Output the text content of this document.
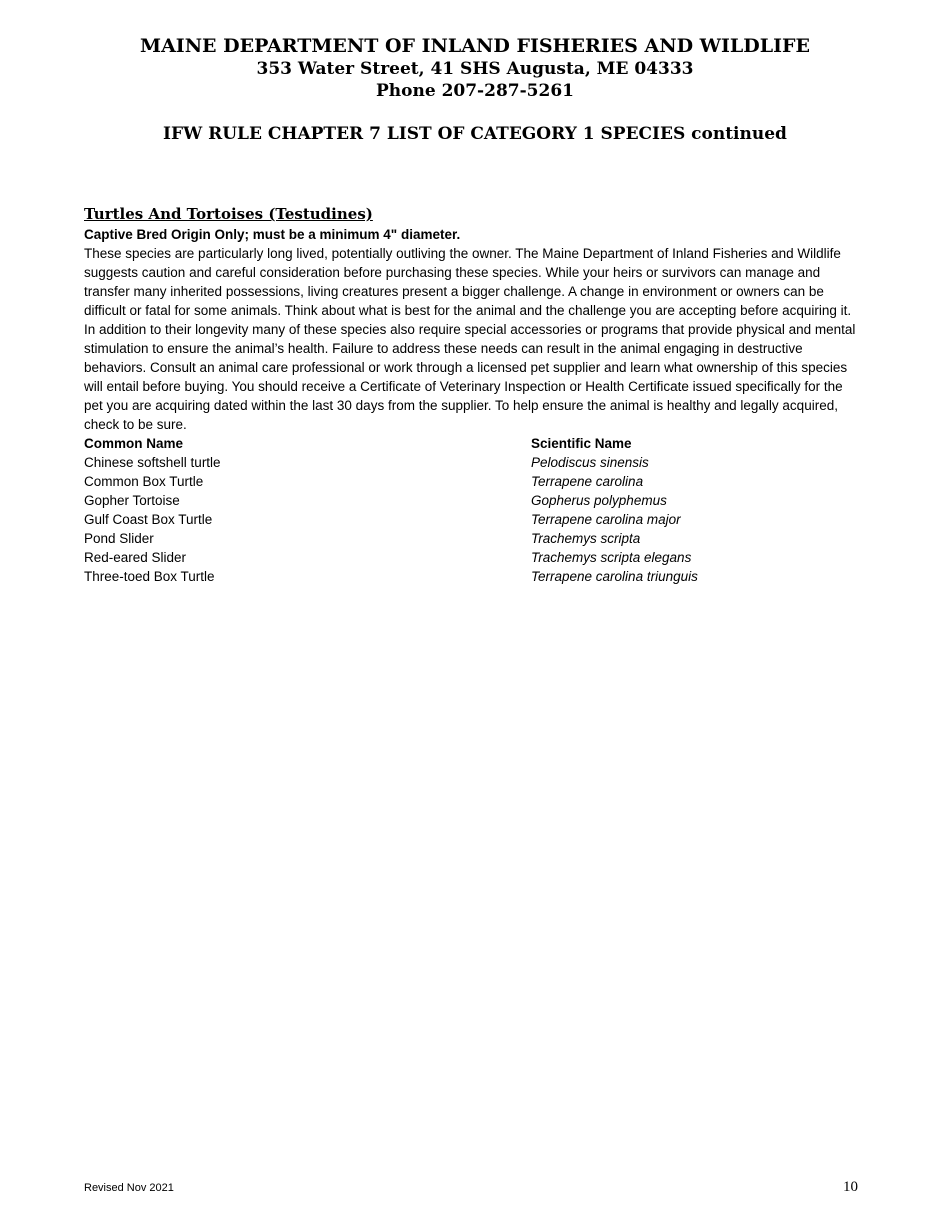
MAINE DEPARTMENT OF INLAND FISHERIES AND WILDLIFE
353 Water Street, 41 SHS Augusta, ME 04333
Phone 207-287-5261
IFW RULE CHAPTER 7 LIST OF CATEGORY 1 SPECIES continued

Turtles And Tortoises (Testudines)

Captive Bred Origin Only; must be a minimum 4" diameter.

These species are particularly long lived, potentially outliving the owner. The Maine Department of Inland Fisheries and Wildlife suggests caution and careful consideration before purchasing these species. While your heirs or survivors can manage and transfer many inherited possessions, living creatures present a bigger challenge. A change in environment or owners can be difficult or fatal for some animals. Think about what is best for the animal and the challenge you are accepting before acquiring it. In addition to their longevity many of these species also require special accessories or programs that provide physical and mental stimulation to ensure the animal’s health. Failure to address these needs can result in the animal engaging in destructive behaviors. Consult an animal care professional or work through a licensed pet supplier and learn what ownership of this species will entail before buying. You should receive a Certificate of Veterinary Inspection or Health Certificate issued specifically for the pet you are acquiring dated within the last 30 days from the supplier. To help ensure the animal is healthy and legally acquired, check to be sure.

Common Name	Scientific Name
Chinese softshell turtle	Pelodiscus sinensis
Common Box Turtle	Terrapene carolina
Gopher Tortoise	Gopherus polyphemus
Gulf Coast Box Turtle	Terrapene carolina major
Pond Slider	Trachemys scripta
Red-eared Slider	Trachemys scripta elegans
Three-toed Box Turtle	Terrapene carolina triunguis
Revised Nov 2021	10
